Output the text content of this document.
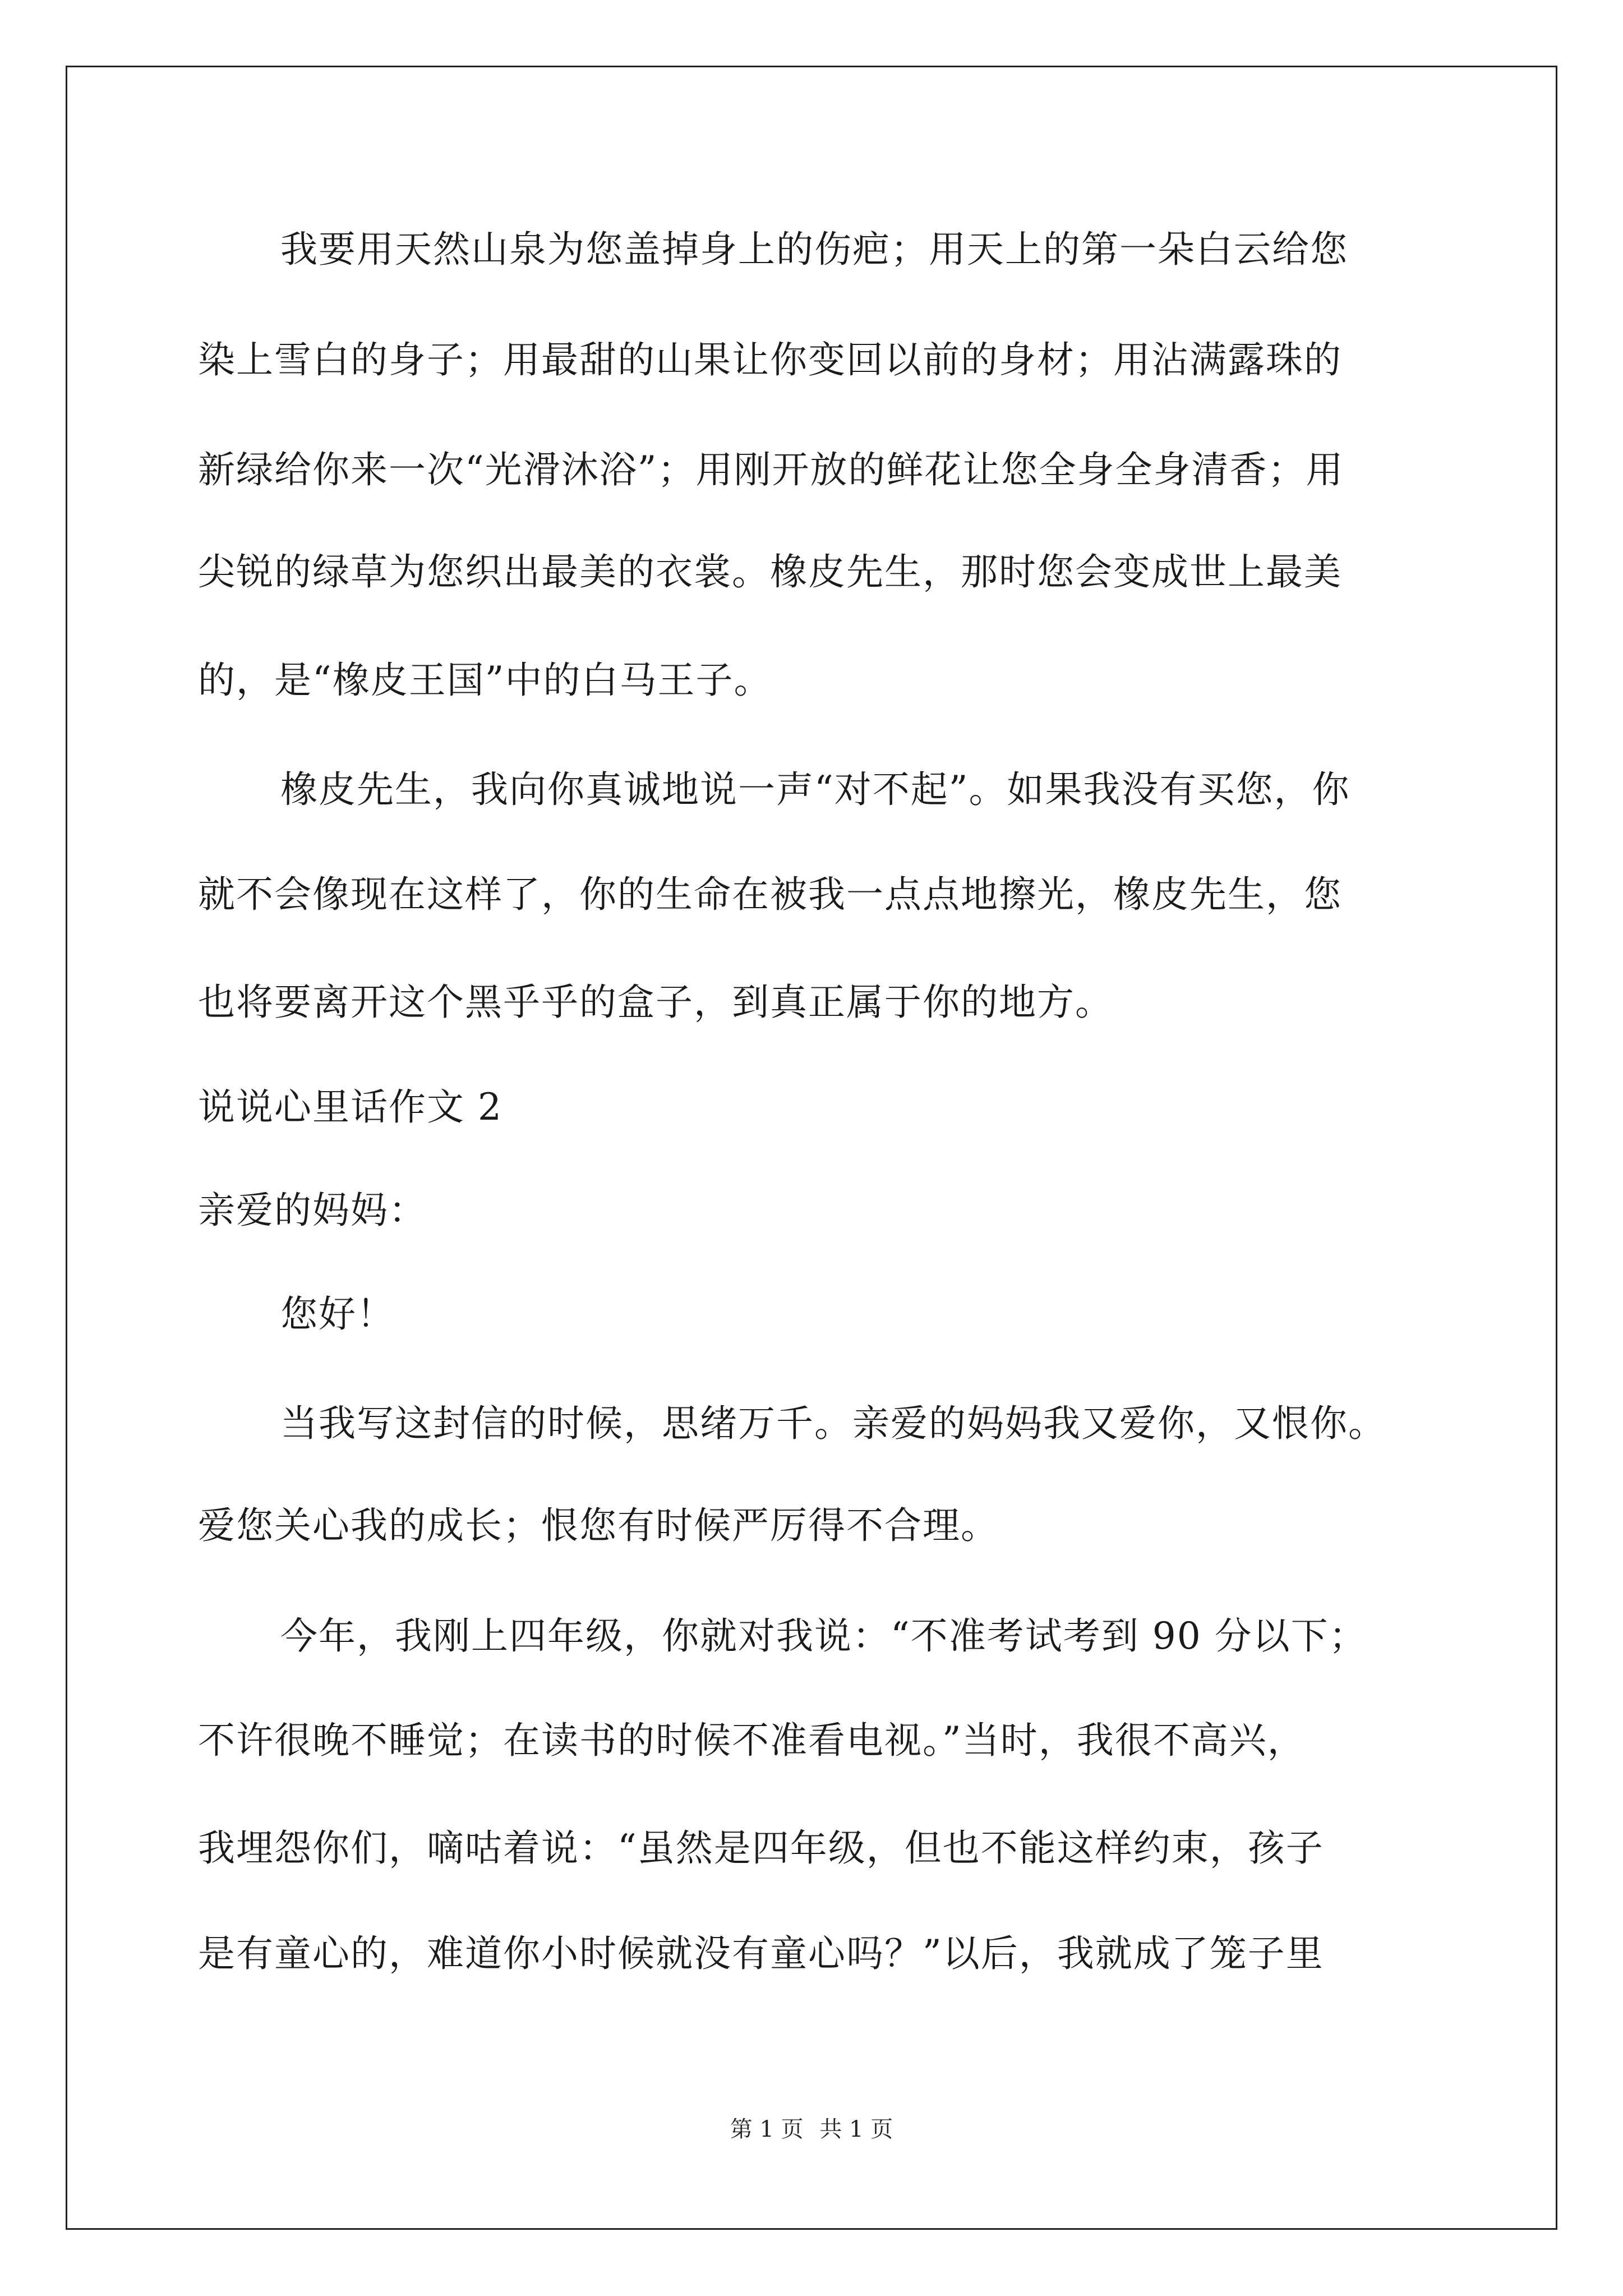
我要用天然山泉为您盖掉身上的伤疤；用天上的第一朵白云给您
染上雪白的身子；用最甜的山果让你变回以前的身材；用沾满露珠的
新绿给你来一次“光滑沐浴”；用刚开放的鲜花让您全身全身清香；用
尖锐的绿草为您织出最美的衣裳。橡皮先生，那时您会变成世上最美
的，是“橡皮王国”中的白马王子。
橡皮先生，我向你真诚地说一声“对不起”。如果我没有买您，你
就不会像现在这样了，你的生命在被我一点点地擦光，橡皮先生，您
也将要离开这个黑乎乎的盒子，到真正属于你的地方。
说说心里话作文 2
亲爱的妈妈：
您好！
当我写这封信的时候，思绪万千。亲爱的妈妈我又爱你，又恨你。
爱您关心我的成长；恨您有时候严厉得不合理。
今年，我刚上四年级，你就对我说：“不准考试考到 90 分以下；
不许很晚不睡觉；在读书的时候不准看电视。”当时，我很不高兴，
我埋怨你们，嘀咕着说：“虽然是四年级，但也不能这样约束，孩子
是有童心的，难道你小时候就没有童心吗？”以后，我就成了笼子里
第 1 页 共 1 页
